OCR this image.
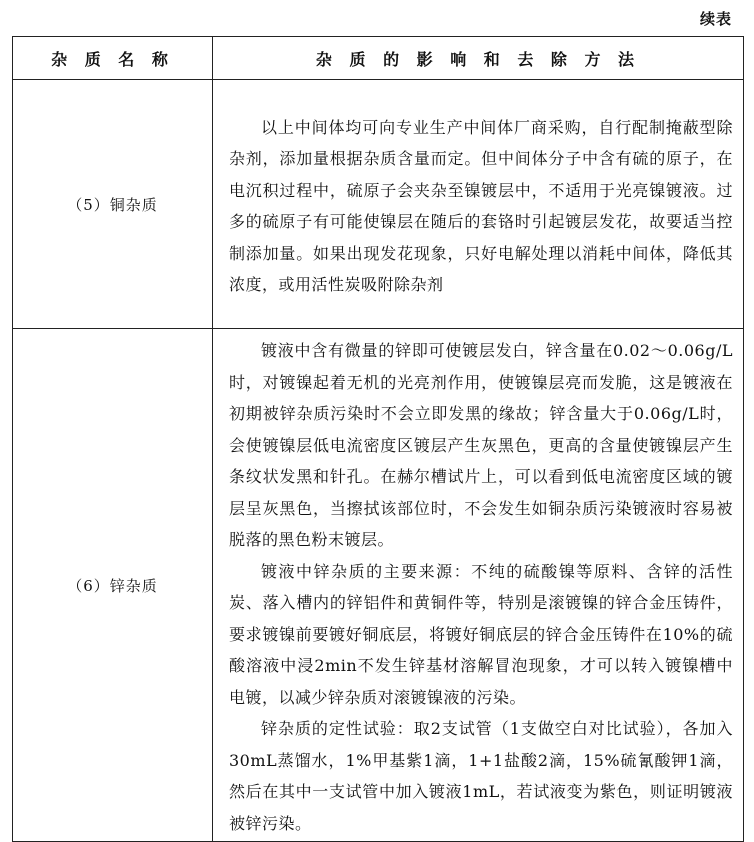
续表
杂 质 名 称	杂 质 的 影 响 和 去 除 方 法
（5）铜杂质	以上中间体均可向专业生产中间体厂商采购，自行配制掩蔽型除杂剂，添加量根据杂质含量而定。但中间体分子中含有硫的原子，在电沉积过程中，硫原子会夹杂至镍镀层中，不适用于光亮镍镀液。过多的硫原子有可能使镍层在随后的套铬时引起镀层发花，故要适当控制添加量。如果出现发花现象，只好电解处理以消耗中间体，降低其浓度，或用活性炭吸附除杂剂

（6）锌杂质	镀液中含有微量的锌即可使镀层发白，锌含量在0.02～0.06g/L时，对镀镍起着无机的光亮剂作用，使镀镍层亮而发脆，这是镀液在初期被锌杂质污染时不会立即发黑的缘故；锌含量大于0.06g/L时，会使镀镍层低电流密度区镀层产生灰黑色，更高的含量使镀镍层产生条纹状发黑和针孔。在赫尔槽试片上，可以看到低电流密度区域的镀层呈灰黑色，当擦拭该部位时，不会发生如铜杂质污染镀液时容易被脱落的黑色粉末镀层。

镀液中锌杂质的主要来源：不纯的硫酸镍等原料、含锌的活性炭、落入槽内的锌铝件和黄铜件等，特别是滚镀镍的锌合金压铸件，要求镀镍前要镀好铜底层，将镀好铜底层的锌合金压铸件在10%的硫酸溶液中浸2min不发生锌基材溶解冒泡现象，才可以转入镀镍槽中电镀，以减少锌杂质对滚镀镍液的污染。

锌杂质的定性试验：取2支试管（1支做空白对比试验），各加入30mL蒸馏水，1%甲基紫1滴，1+1盐酸2滴，15%硫氰酸钾1滴，然后在其中一支试管中加入镀液1mL，若试液变为紫色，则证明镀液被锌污染。
